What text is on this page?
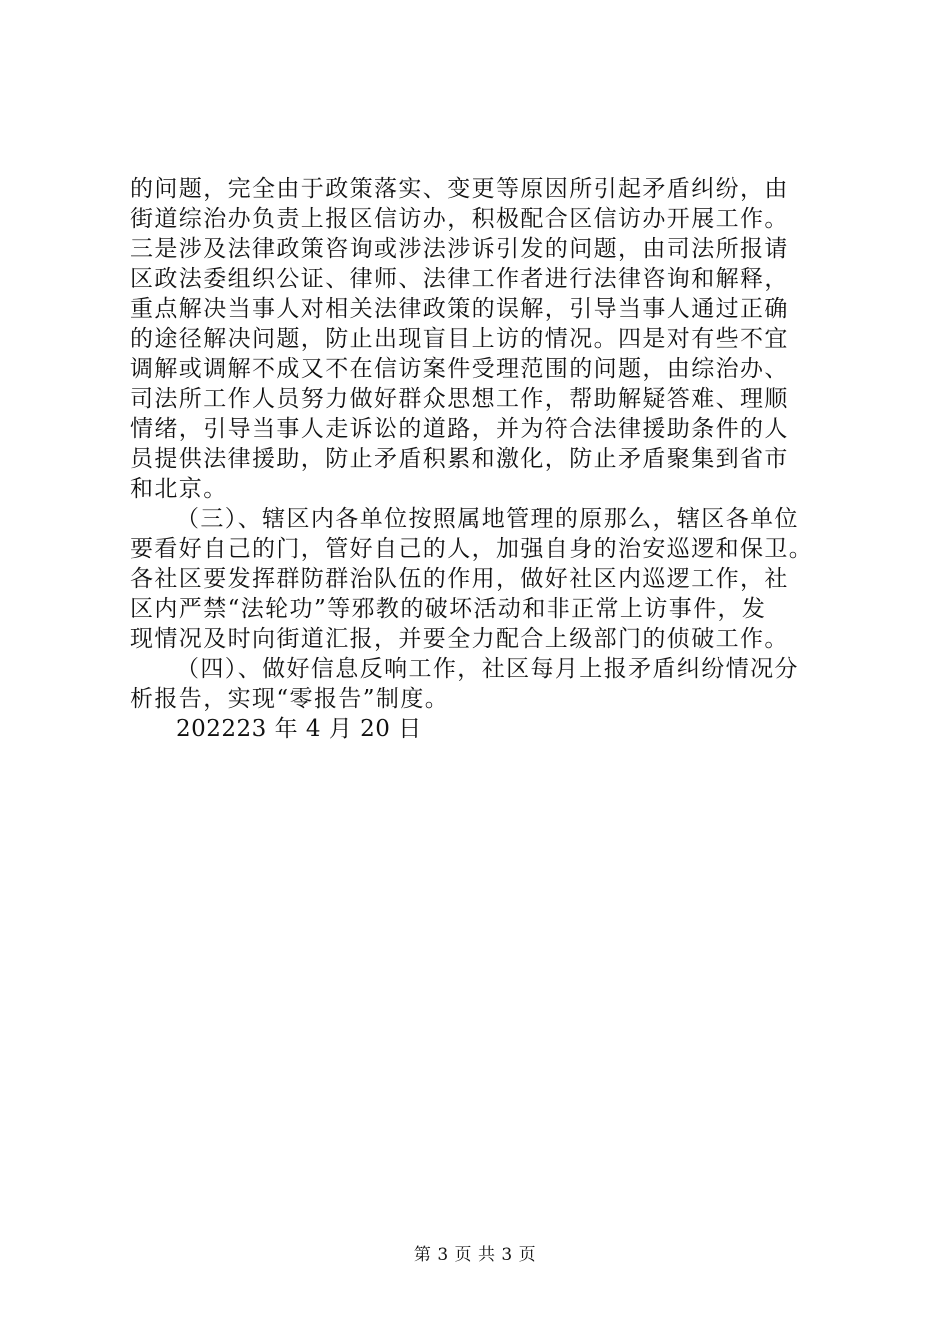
的问题，完全由于政策落实、变更等原因所引起矛盾纠纷，由
街道综治办负责上报区信访办，积极配合区信访办开展工作。
三是涉及法律政策咨询或涉法涉诉引发的问题，由司法所报请
区政法委组织公证、律师、法律工作者进行法律咨询和解释，
重点解决当事人对相关法律政策的误解，引导当事人通过正确
的途径解决问题，防止出现盲目上访的情况。四是对有些不宜
调解或调解不成又不在信访案件受理范围的问题，由综治办、
司法所工作人员努力做好群众思想工作，帮助解疑答难、理顺
情绪，引导当事人走诉讼的道路，并为符合法律援助条件的人
员提供法律援助，防止矛盾积累和激化，防止矛盾聚集到省市
和北京。
（三）、辖区内各单位按照属地管理的原那么，辖区各单位
要看好自己的门，管好自己的人，加强自身的治安巡逻和保卫。
各社区要发挥群防群治队伍的作用，做好社区内巡逻工作，社
区内严禁“法轮功”等邪教的破坏活动和非正常上访事件，发
现情况及时向街道汇报，并要全力配合上级部门的侦破工作。
（四）、做好信息反响工作，社区每月上报矛盾纠纷情况分
析报告，实现“零报告”制度。
202223 年 4 月 20 日
第 3 页 共 3 页
